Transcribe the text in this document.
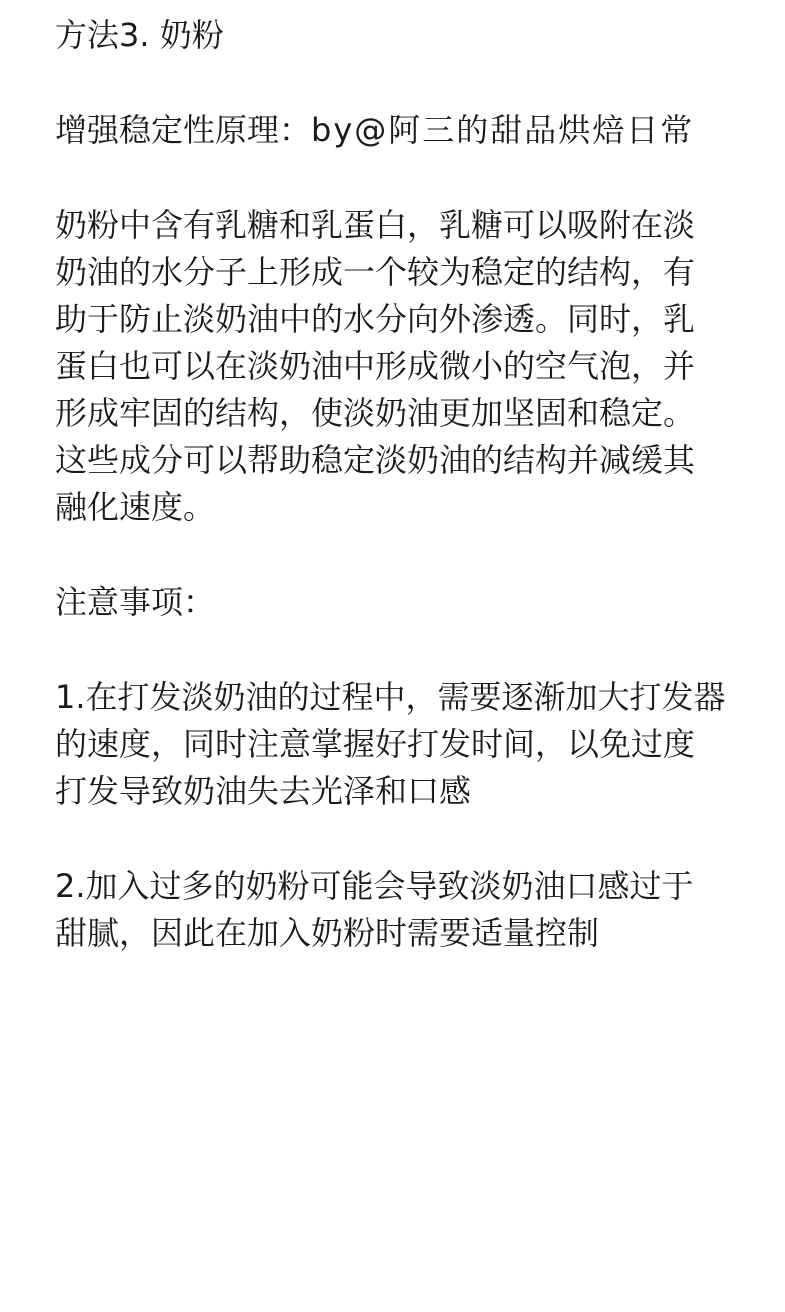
方法3. 奶粉

增强稳定性原理：by@阿三的甜品烘焙日常

奶粉中含有乳糖和乳蛋白，乳糖可以吸附在淡
奶油的水分子上形成一个较为稳定的结构，有
助于防止淡奶油中的水分向外渗透。同时，乳
蛋白也可以在淡奶油中形成微小的空气泡，并
形成牢固的结构，使淡奶油更加坚固和稳定。
这些成分可以帮助稳定淡奶油的结构并减缓其
融化速度。

注意事项：

1.在打发淡奶油的过程中，需要逐渐加大打发器
的速度，同时注意掌握好打发时间，以免过度
打发导致奶油失去光泽和口感

2.加入过多的奶粉可能会导致淡奶油口感过于
甜腻，因此在加入奶粉时需要适量控制
